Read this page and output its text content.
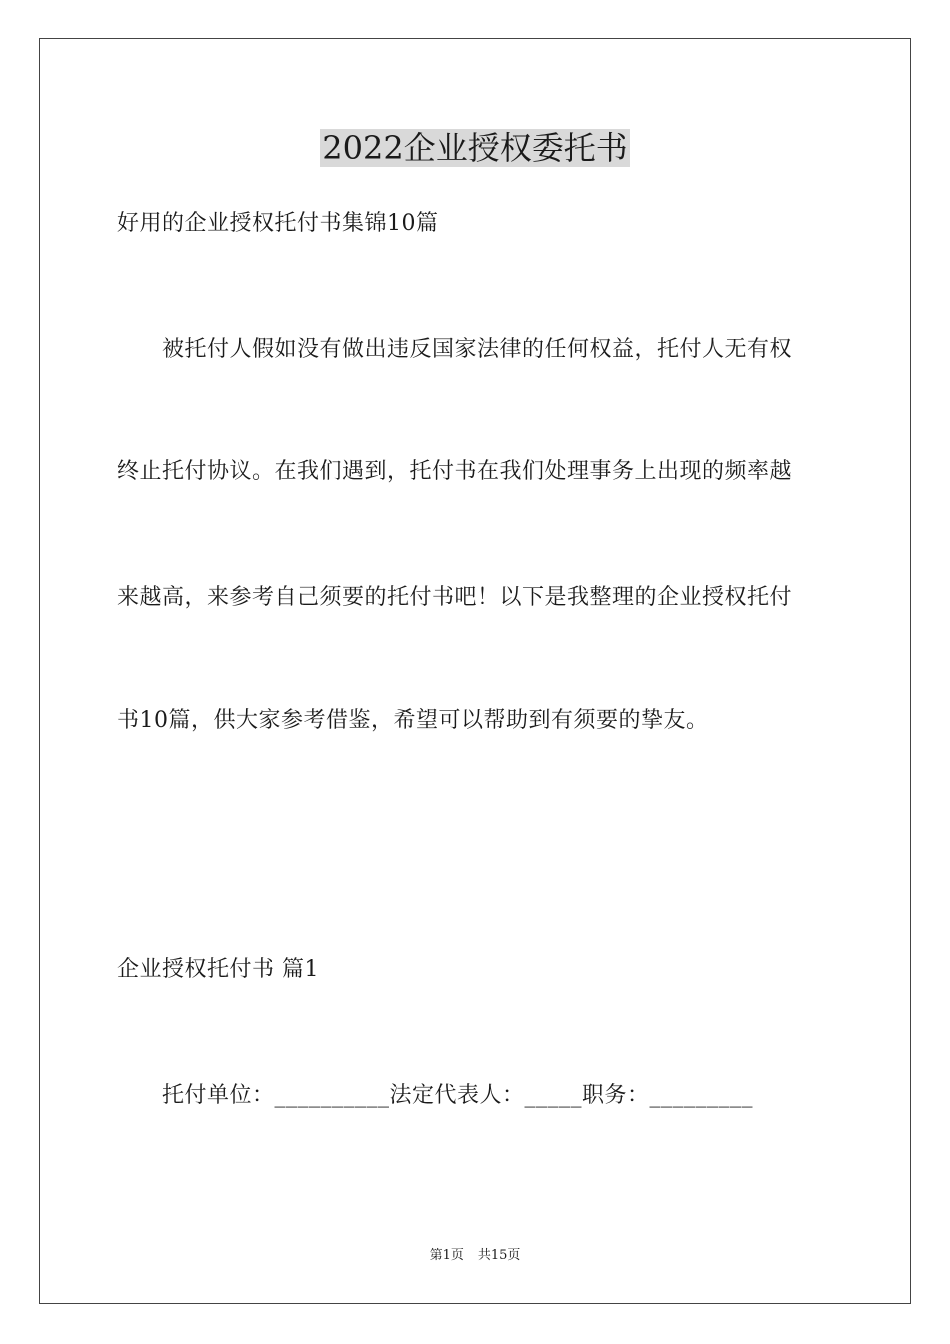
2022企业授权委托书
好用的企业授权托付书集锦10篇
被托付人假如没有做出违反国家法律的任何权益，托付人无有权
终止托付协议。在我们遇到，托付书在我们处理事务上出现的频率越
来越高，来参考自己须要的托付书吧！以下是我整理的企业授权托付
书10篇，供大家参考借鉴，希望可以帮助到有须要的挚友。
企业授权托付书 篇1
托付单位：__________法定代表人：_____职务：_________
第1页 共15页
